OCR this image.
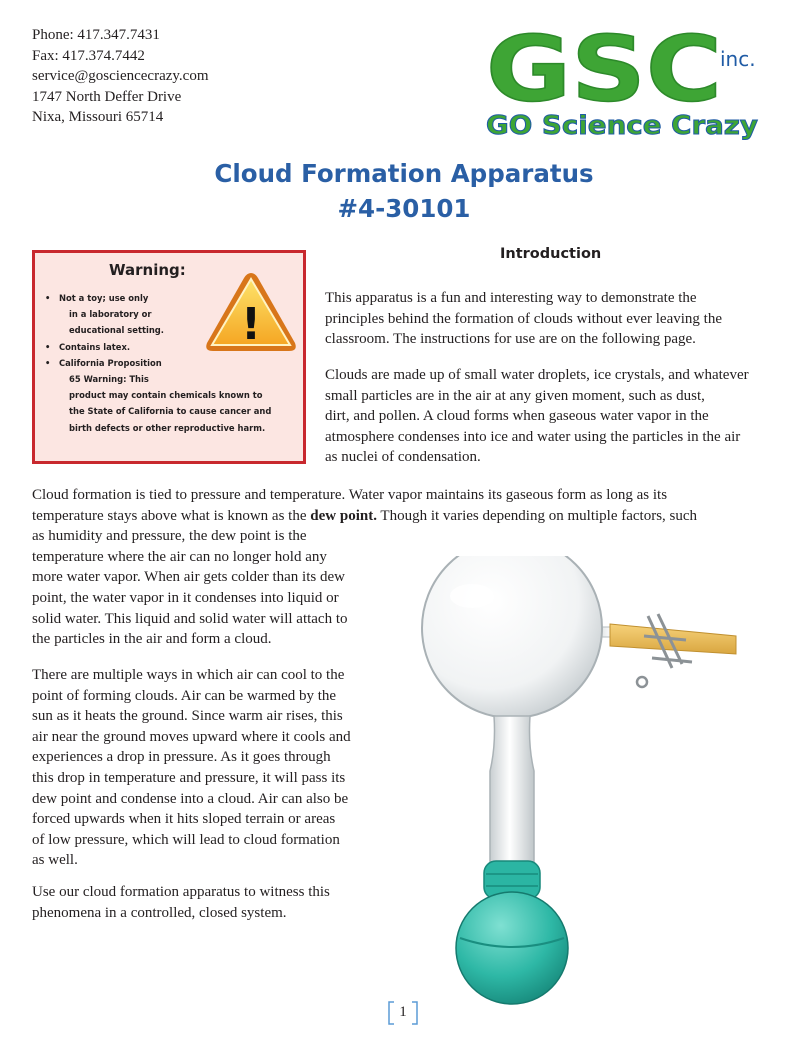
Phone: 417.347.7431
Fax: 417.374.7442
service@gosciencecrazy.com
1747 North Deffer Drive
Nixa, Missouri 65714	GSC
inc.
GO Science Crazy
Cloud Formation Apparatus
#4-30101
Warning:
• Not a toy; use only
in a laboratory or
educational setting.
• Contains latex.
• California Proposition
65 Warning: This
product may contain chemicals known to
the State of California to cause cancer and
birth defects or other reproductive harm.
!
Introduction

This apparatus is a fun and interesting way to demonstrate the
principles behind the formation of clouds without ever leaving the
classroom. The instructions for use are on the following page.

Clouds are made up of small water droplets, ice crystals, and whatever
small particles are in the air at any given moment, such as dust,
dirt, and pollen. A cloud forms when gaseous water vapor in the
atmosphere condenses into ice and water using the particles in the air
as nuclei of condensation.

Cloud formation is tied to pressure and temperature. Water vapor maintains its gaseous form as long as its
temperature stays above what is known as the dew point. Though it varies depending on multiple factors, such
as humidity and pressure, the dew point is the
temperature where the air can no longer hold any
more water vapor. When air gets colder than its dew
point, the water vapor in it condenses into liquid or
solid water. This liquid and solid water will attach to
the particles in the air and form a cloud.

There are multiple ways in which air can cool to the
point of forming clouds. Air can be warmed by the
sun as it heats the ground. Since warm air rises, this
air near the ground moves upward where it cools and
experiences a drop in pressure. As it goes through
this drop in temperature and pressure, it will pass its
dew point and condense into a cloud. Air can also be
forced upwards when it hits sloped terrain or areas
of low pressure, which will lead to cloud formation
as well.

Use our cloud formation apparatus to witness this
phenomena in a controlled, closed system.

1
